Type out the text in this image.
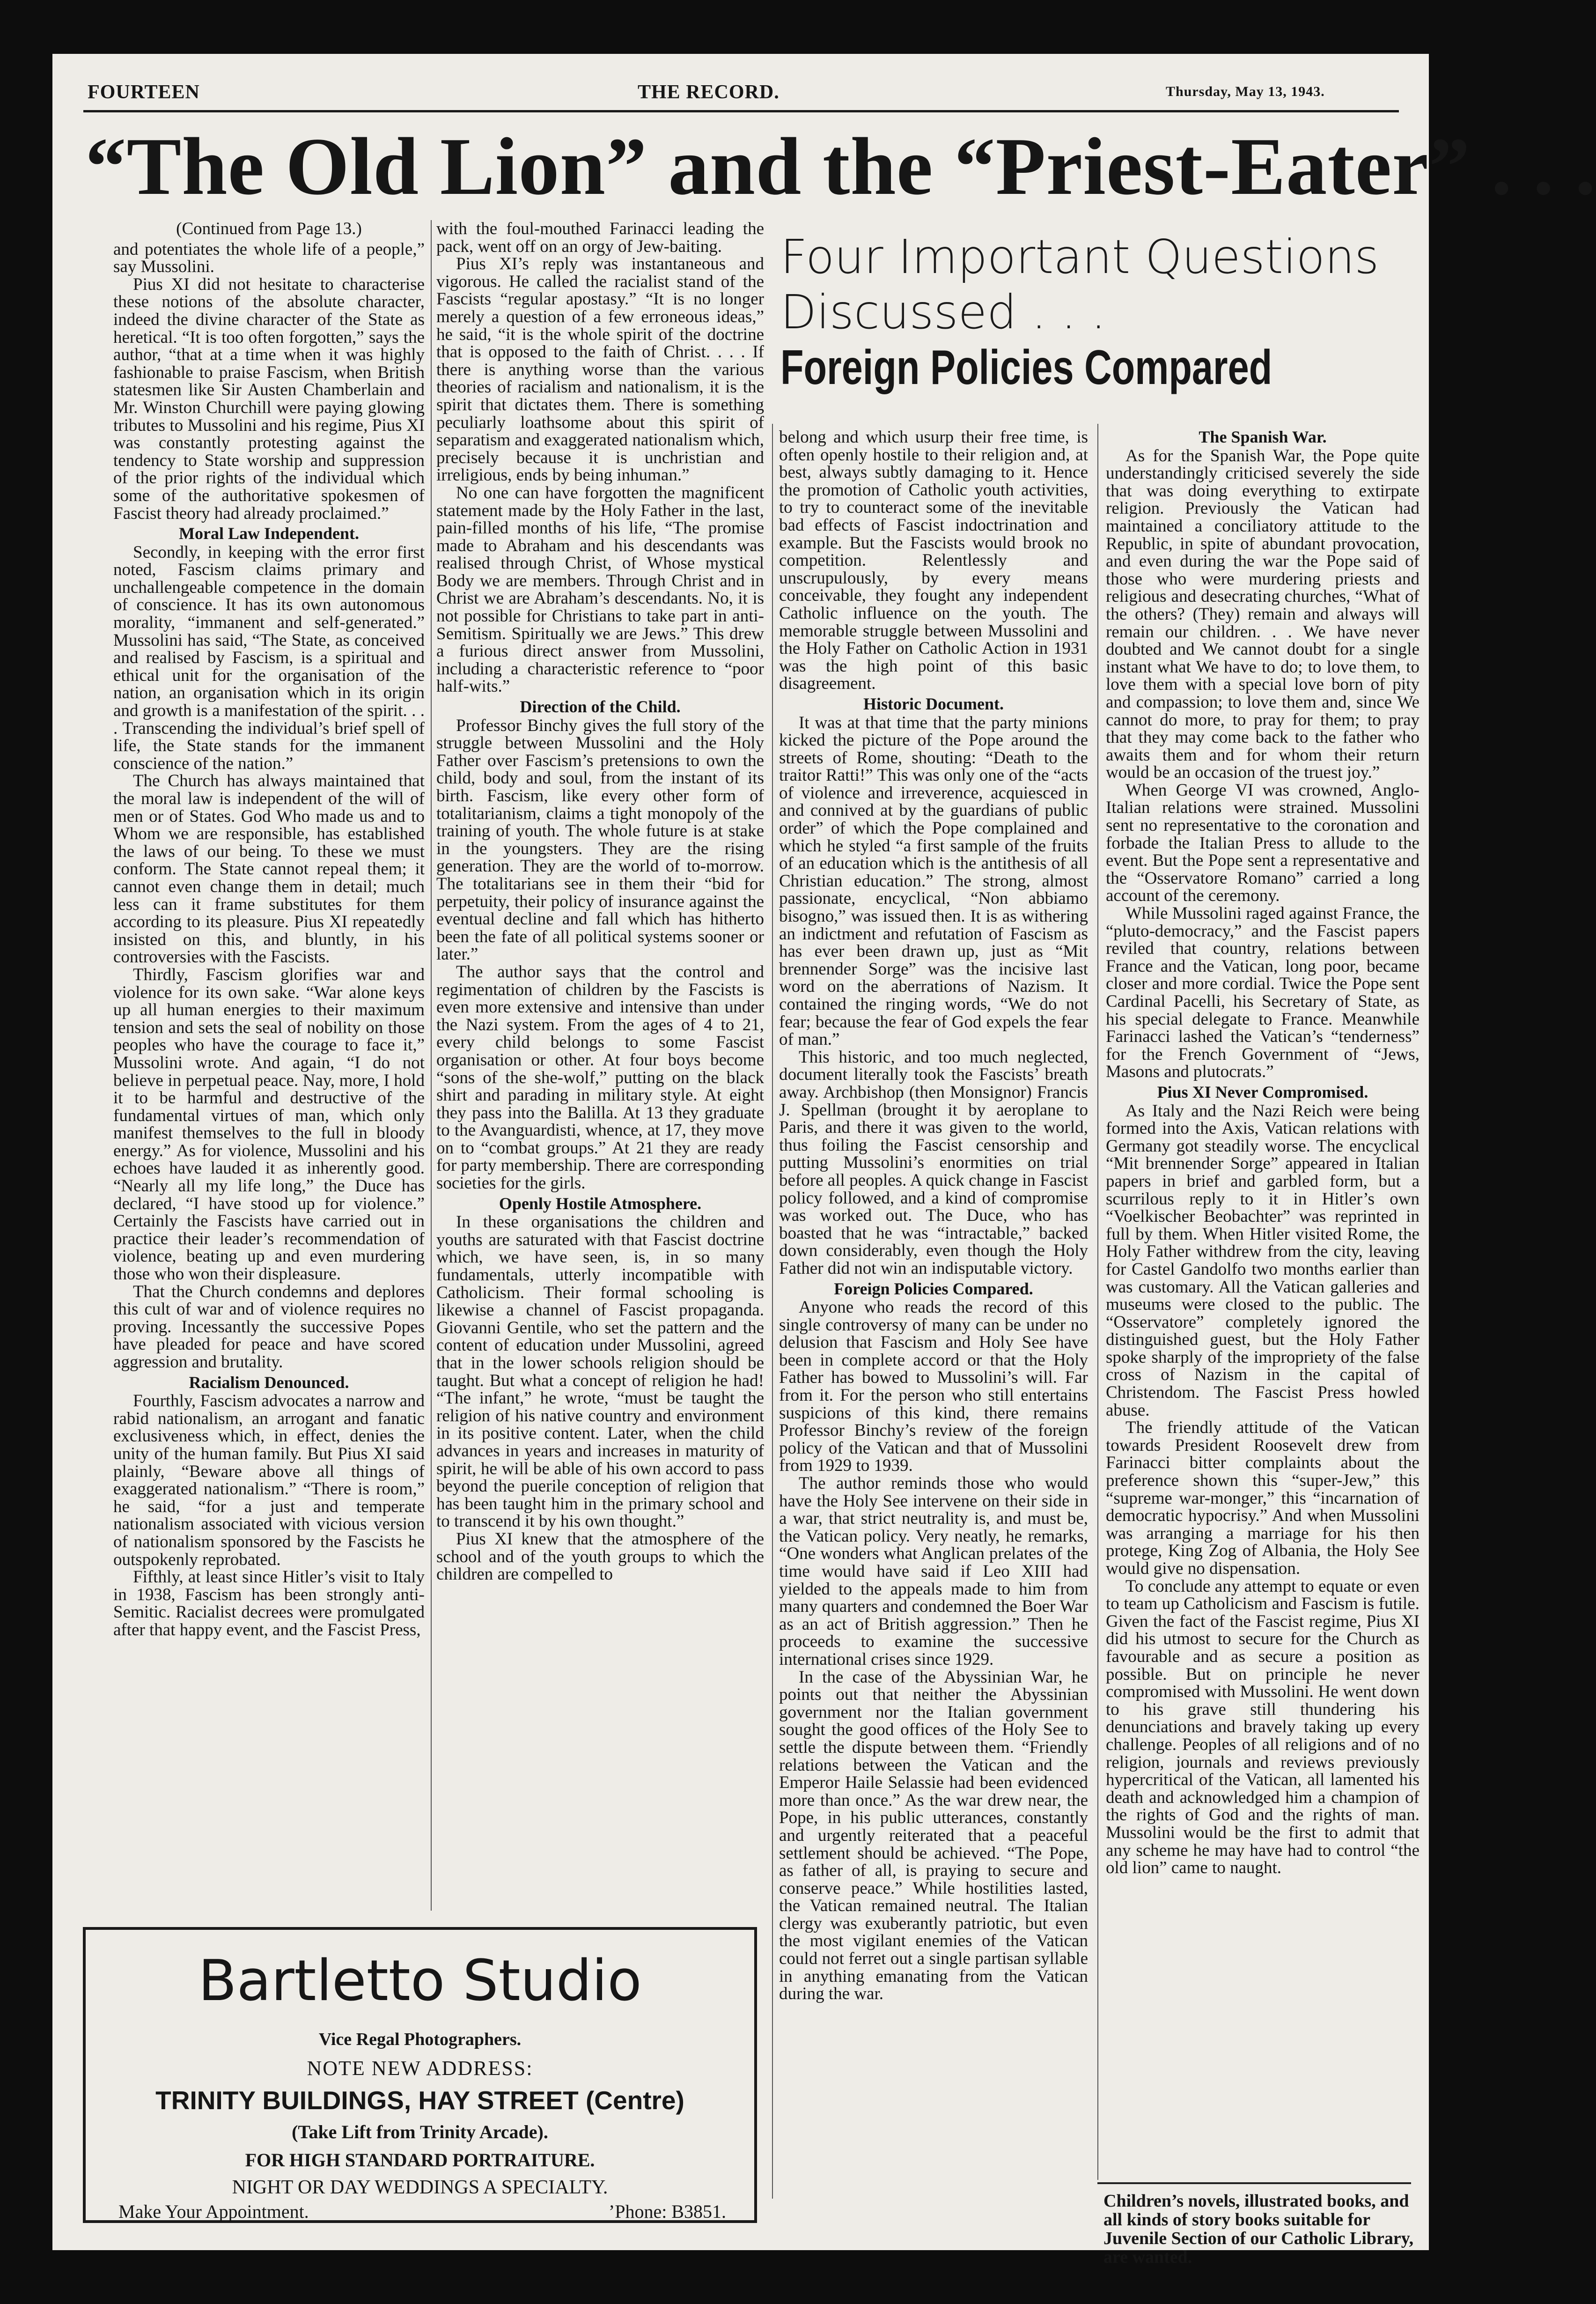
FOURTEEN	THE RECORD.	Thursday, May 13, 1943.
“The Old Lion” and the “Priest-Eater” . . .
Four Important Questions
Discussed . . .
Foreign Policies Compared

(Continued from Page 13.)

and potentiates the whole life of a people,” say Mussolini.

Pius XI did not hesitate to characterise these notions of the absolute character, indeed the divine character of the State as heretical. “It is too often forgotten,” says the author, “that at a time when it was highly fashionable to praise Fascism, when British statesmen like Sir Austen Chamberlain and Mr. Winston Churchill were paying glowing tributes to Mussolini and his regime, Pius XI was constantly protesting against the tendency to State worship and suppression of the prior rights of the individual which some of the authoritative spokesmen of Fascist theory had already proclaimed.”

Moral Law Independent.

Secondly, in keeping with the error first noted, Fascism claims primary and unchallengeable competence in the domain of conscience. It has its own autonomous morality, “immanent and self-generated.” Mussolini has said, “The State, as conceived and realised by Fascism, is a spiritual and ethical unit for the organisation of the nation, an organisation which in its origin and growth is a manifestation of the spirit. . . . Transcending the individual’s brief spell of life, the State stands for the immanent conscience of the nation.”

The Church has always maintained that the moral law is independent of the will of men or of States. God Who made us and to Whom we are responsible, has established the laws of our being. To these we must conform. The State cannot repeal them; it cannot even change them in detail; much less can it frame substitutes for them according to its pleasure. Pius XI repeatedly insisted on this, and bluntly, in his controversies with the Fascists.

Thirdly, Fascism glorifies war and violence for its own sake. “War alone keys up all human energies to their maximum tension and sets the seal of nobility on those peoples who have the courage to face it,” Mussolini wrote. And again, “I do not believe in perpetual peace. Nay, more, I hold it to be harmful and destructive of the fundamental virtues of man, which only manifest themselves to the full in bloody energy.” As for violence, Mussolini and his echoes have lauded it as inherently good. “Nearly all my life long,” the Duce has declared, “I have stood up for violence.” Certainly the Fascists have carried out in practice their leader’s recommendation of violence, beating up and even murdering those who won their displeasure.

That the Church condemns and deplores this cult of war and of violence requires no proving. Incessantly the successive Popes have pleaded for peace and have scored aggression and brutality.

Racialism Denounced.

Fourthly, Fascism advocates a narrow and rabid nationalism, an arrogant and fanatic exclusiveness which, in effect, denies the unity of the human family. But Pius XI said plainly, “Beware above all things of exaggerated nationalism.” “There is room,” he said, “for a just and temperate nationalism associated with vicious version of nationalism sponsored by the Fascists he outspokenly reprobated.

Fifthly, at least since Hitler’s visit to Italy in 1938, Fascism has been strongly anti-Semitic. Racialist decrees were promulgated after that happy event, and the Fascist Press,

with the foul-mouthed Farinacci leading the pack, went off on an orgy of Jew-baiting.

Pius XI’s reply was instantaneous and vigorous. He called the racialist stand of the Fascists “regular apostasy.” “It is no longer merely a question of a few erroneous ideas,” he said, “it is the whole spirit of the doctrine that is opposed to the faith of Christ. . . . If there is anything worse than the various theories of racialism and nationalism, it is the spirit that dictates them. There is something peculiarly loathsome about this spirit of separatism and exaggerated nationalism which, precisely because it is unchristian and irreligious, ends by being inhuman.”

No one can have forgotten the magnificent statement made by the Holy Father in the last, pain-filled months of his life, “The promise made to Abraham and his descendants was realised through Christ, of Whose mystical Body we are members. Through Christ and in Christ we are Abraham’s descendants. No, it is not possible for Christians to take part in anti-Semitism. Spiritually we are Jews.” This drew a furious direct answer from Mussolini, including a characteristic reference to “poor half-wits.”

Direction of the Child.

Professor Binchy gives the full story of the struggle between Mussolini and the Holy Father over Fascism’s pretensions to own the child, body and soul, from the instant of its birth. Fascism, like every other form of totalitarianism, claims a tight monopoly of the training of youth. The whole future is at stake in the youngsters. They are the rising generation. They are the world of to-morrow. The totalitarians see in them their “bid for perpetuity, their policy of insurance against the eventual decline and fall which has hitherto been the fate of all political systems sooner or later.”

The author says that the control and regimentation of children by the Fascists is even more extensive and intensive than under the Nazi system. From the ages of 4 to 21, every child belongs to some Fascist organisation or other. At four boys become “sons of the she-wolf,” putting on the black shirt and parading in military style. At eight they pass into the Balilla. At 13 they graduate to the Avanguardisti, whence, at 17, they move on to “combat groups.” At 21 they are ready for party membership. There are corresponding societies for the girls.

Openly Hostile Atmosphere.

In these organisations the children and youths are saturated with that Fascist doctrine which, we have seen, is, in so many fundamentals, utterly incompatible with Catholicism. Their formal schooling is likewise a channel of Fascist propaganda. Giovanni Gentile, who set the pattern and the content of education under Mussolini, agreed that in the lower schools religion should be taught. But what a concept of religion he had! “The infant,” he wrote, “must be taught the religion of his native country and environment in its positive content. Later, when the child advances in years and increases in maturity of spirit, he will be able of his own accord to pass beyond the puerile conception of religion that has been taught him in the primary school and to transcend it by his own thought.”

Pius XI knew that the atmosphere of the school and of the youth groups to which the children are compelled to

belong and which usurp their free time, is often openly hostile to their religion and, at best, always subtly damaging to it. Hence the promotion of Catholic youth activities, to try to counteract some of the inevitable bad effects of Fascist indoctrination and example. But the Fascists would brook no competition. Relentlessly and unscrupulously, by every means conceivable, they fought any independent Catholic influence on the youth. The memorable struggle between Mussolini and the Holy Father on Catholic Action in 1931 was the high point of this basic disagreement.

Historic Document.

It was at that time that the party minions kicked the picture of the Pope around the streets of Rome, shouting: “Death to the traitor Ratti!” This was only one of the “acts of violence and irreverence, acquiesced in and connived at by the guardians of public order” of which the Pope complained and which he styled “a first sample of the fruits of an education which is the antithesis of all Christian education.” The strong, almost passionate, encyclical, “Non abbiamo bisogno,” was issued then. It is as withering an indictment and refutation of Fascism as has ever been drawn up, just as “Mit brennender Sorge” was the incisive last word on the aberrations of Nazism. It contained the ringing words, “We do not fear; because the fear of God expels the fear of man.”

This historic, and too much neglected, document literally took the Fascists’ breath away. Archbishop (then Monsignor) Francis J. Spellman (brought it by aeroplane to Paris, and there it was given to the world, thus foiling the Fascist censorship and putting Mussolini’s enormities on trial before all peoples. A quick change in Fascist policy followed, and a kind of compromise was worked out. The Duce, who has boasted that he was “intractable,” backed down considerably, even though the Holy Father did not win an indisputable victory.

Foreign Policies Compared.

Anyone who reads the record of this single controversy of many can be under no delusion that Fascism and Holy See have been in complete accord or that the Holy Father has bowed to Mussolini’s will. Far from it. For the person who still entertains suspicions of this kind, there remains Professor Binchy’s review of the foreign policy of the Vatican and that of Mussolini from 1929 to 1939.

The author reminds those who would have the Holy See intervene on their side in a war, that strict neutrality is, and must be, the Vatican policy. Very neatly, he remarks, “One wonders what Anglican prelates of the time would have said if Leo XIII had yielded to the appeals made to him from many quarters and condemned the Boer War as an act of British aggression.” Then he proceeds to examine the successive international crises since 1929.

In the case of the Abyssinian War, he points out that neither the Abyssinian government nor the Italian government sought the good offices of the Holy See to settle the dispute between them. “Friendly relations between the Vatican and the Emperor Haile Selassie had been evidenced more than once.” As the war drew near, the Pope, in his public utterances, constantly and urgently reiterated that a peaceful settlement should be achieved. “The Pope, as father of all, is praying to secure and conserve peace.” While hostilities lasted, the Vatican remained neutral. The Italian clergy was exuberantly patriotic, but even the most vigilant enemies of the Vatican could not ferret out a single partisan syllable in anything emanating from the Vatican during the war.

The Spanish War.

As for the Spanish War, the Pope quite understandingly criticised severely the side that was doing everything to extirpate religion. Previously the Vatican had maintained a conciliatory attitude to the Republic, in spite of abundant provocation, and even during the war the Pope said of those who were murdering priests and religious and desecrating churches, “What of the others? (They) remain and always will remain our children. . . We have never doubted and We cannot doubt for a single instant what We have to do; to love them, to love them with a special love born of pity and compassion; to love them and, since We cannot do more, to pray for them; to pray that they may come back to the father who awaits them and for whom their return would be an occasion of the truest joy.”

When George VI was crowned, Anglo-Italian relations were strained. Mussolini sent no representative to the coronation and forbade the Italian Press to allude to the event. But the Pope sent a representative and the “Osservatore Romano” carried a long account of the ceremony.

While Mussolini raged against France, the “pluto-democracy,” and the Fascist papers reviled that country, relations between France and the Vatican, long poor, became closer and more cordial. Twice the Pope sent Cardinal Pacelli, his Secretary of State, as his special delegate to France. Meanwhile Farinacci lashed the Vatican’s “tenderness” for the French Government of “Jews, Masons and plutocrats.”

Pius XI Never Compromised.

As Italy and the Nazi Reich were being formed into the Axis, Vatican relations with Germany got steadily worse. The encyclical “Mit brennender Sorge” appeared in Italian papers in brief and garbled form, but a scurrilous reply to it in Hitler’s own “Voelkischer Beobachter” was reprinted in full by them. When Hitler visited Rome, the Holy Father withdrew from the city, leaving for Castel Gandolfo two months earlier than was customary. All the Vatican galleries and museums were closed to the public. The “Osservatore” completely ignored the distinguished guest, but the Holy Father spoke sharply of the impropriety of the false cross of Nazism in the capital of Christendom. The Fascist Press howled abuse.

The friendly attitude of the Vatican towards President Roosevelt drew from Farinacci bitter complaints about the preference shown this “super-Jew,” this “supreme war-monger,” this “incarnation of democratic hypocrisy.” And when Mussolini was arranging a marriage for his then protege, King Zog of Albania, the Holy See would give no dispensation.

To conclude any attempt to equate or even to team up Catholicism and Fascism is futile. Given the fact of the Fascist regime, Pius XI did his utmost to secure for the Church as favourable and as secure a position as possible. But on principle he never compromised with Mussolini. He went down to his grave still thundering his denunciations and bravely taking up every challenge. Peoples of all religions and of no religion, journals and reviews previously hypercritical of the Vatican, all lamented his death and acknowledged him a champion of the rights of God and the rights of man. Mussolini would be the first to admit that any scheme he may have had to control “the old lion” came to naught.

Bartletto Studio
Vice Regal Photographers.
NOTE NEW ADDRESS:
TRINITY BUILDINGS, HAY STREET (Centre)
(Take Lift from Trinity Arcade).
FOR HIGH STANDARD PORTRAITURE.
NIGHT OR DAY WEDDINGS A SPECIALTY.
Make Your Appointment.	’Phone: B3851.	Children’s novels, illustrated books, and all kinds of story books suitable for Juvenile Section of our Catholic Library, are wanted.
